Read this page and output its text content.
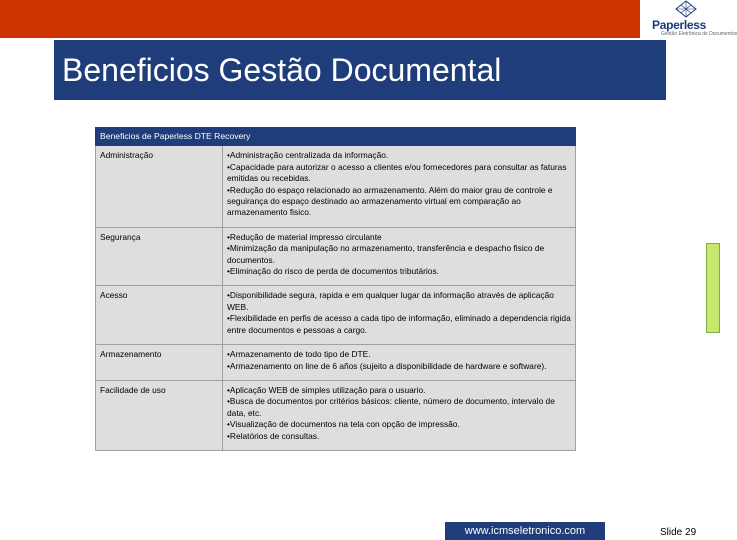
Paperless
Gestão Eletrônica de Documentos
Beneficios Gestão Documental
Beneficios de Paperless DTE Recovery	
Administração	•Administração centralizada da informação.
•Capacidade para autorizar o acesso a clientes e/ou fornecedores para consultar as faturas emitidas ou recebidas.
•Redução do espaço relacionado ao armazenamento. Além do maior grau de controle e seguirança do espaço destinado ao armazenamento virtual em comparação ao armazenamento fisico.

Segurança	•Redução de material impresso circulante
•Minimização da manipulação no armazenamento, transferência e despacho fisico de documentos.
•Eliminação do risco de perda de documentos tributários.

Acesso	•Disponibilidade segura, rapida e em qualquer lugar da informação através de aplicação WEB.
•Flexibilidade en perfis de acesso a cada tipo de informação, eliminado a dependencia rigida entre documentos e pessoas a cargo.

Armazenamento	•Armazenamento de todo tipo de DTE.
•Armazenamento on line de 6 años (sujeito a disponibilidade de hardware e software).

Facilidade de uso	•Aplicação WEB de simples utilização para o usuario.
•Busca de documentos por critérios básicos: cliente, número de documento, intervalo de data, etc.
•Visualização de documentos na tela con opção de impressão.
•Relatórios de consultas.
www.icmseletronico.com	Slide 29
